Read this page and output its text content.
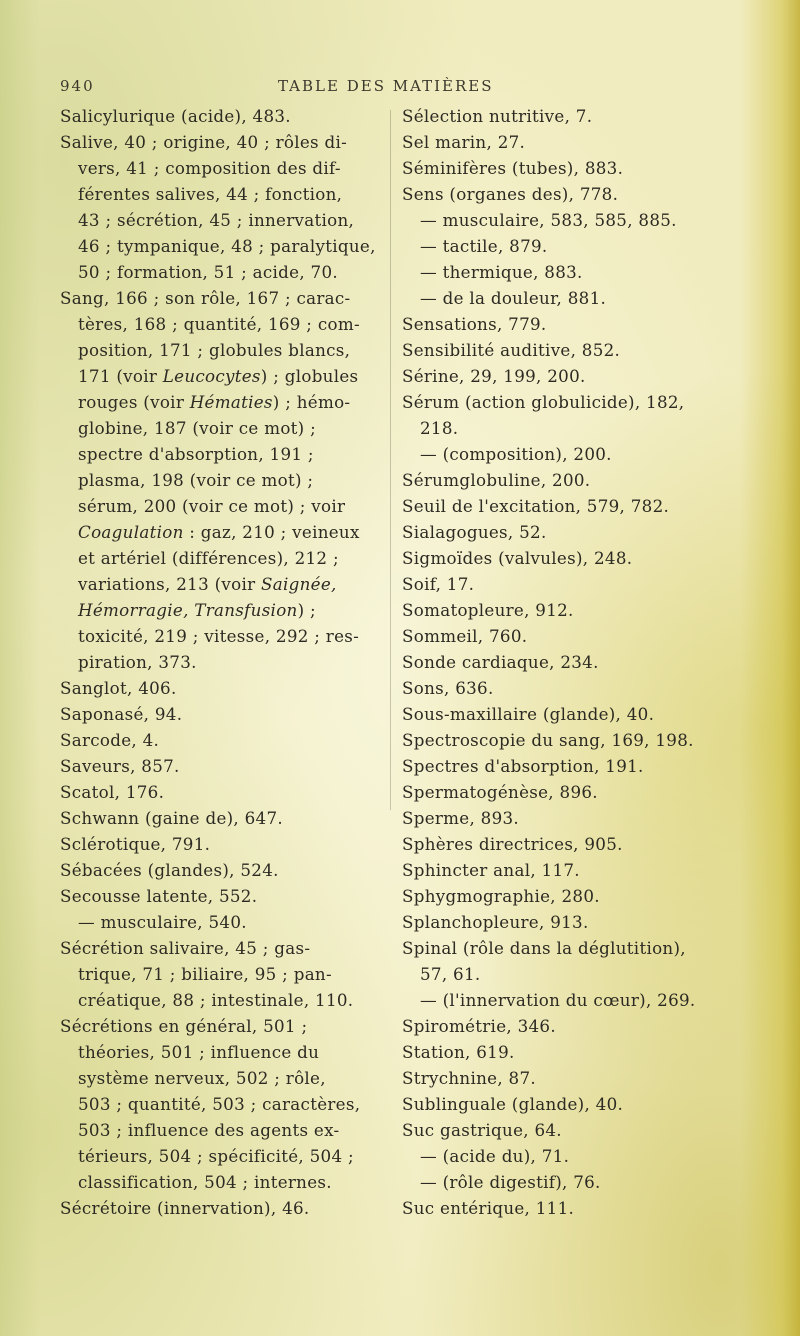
940	TABLE DES MATIÈRES
Salicylurique (acide), 483.
Salive, 40 ; origine, 40 ; rôles di-
vers, 41 ; composition des dif-
férentes salives, 44 ; fonction,
43 ; sécrétion, 45 ; innervation,
46 ; tympanique, 48 ; paralytique,
50 ; formation, 51 ; acide, 70.
Sang, 166 ; son rôle, 167 ; carac-
tères, 168 ; quantité, 169 ; com-
position, 171 ; globules blancs,
171 (voir Leucocytes) ; globules
rouges (voir Hématies) ; hémo-
globine, 187 (voir ce mot) ;
spectre d'absorption, 191 ;
plasma, 198 (voir ce mot) ;
sérum, 200 (voir ce mot) ; voir
Coagulation : gaz, 210 ; veineux
et artériel (différences), 212 ;
variations, 213 (voir Saignée,
Hémorragie, Transfusion) ;
toxicité, 219 ; vitesse, 292 ; res-
piration, 373.
Sanglot, 406.
Saponasé, 94.
Sarcode, 4.
Saveurs, 857.
Scatol, 176.
Schwann (gaine de), 647.
Sclérotique, 791.
Sébacées (glandes), 524.
Secousse latente, 552.
— musculaire, 540.
Sécrétion salivaire, 45 ; gas-
trique, 71 ; biliaire, 95 ; pan-
créatique, 88 ; intestinale, 110.
Sécrétions en général, 501 ;
théories, 501 ; influence du
système nerveux, 502 ; rôle,
503 ; quantité, 503 ; caractères,
503 ; influence des agents ex-
térieurs, 504 ; spécificité, 504 ;
classification, 504 ; internes.
Sécrétoire (innervation), 46.
Sélection nutritive, 7.
Sel marin, 27.
Séminifères (tubes), 883.
Sens (organes des), 778.
— musculaire, 583, 585, 885.
— tactile, 879.
— thermique, 883.
— de la douleur, 881.
Sensations, 779.
Sensibilité auditive, 852.
Sérine, 29, 199, 200.
Sérum (action globulicide), 182,
218.
— (composition), 200.
Sérumglobuline, 200.
Seuil de l'excitation, 579, 782.
Sialagogues, 52.
Sigmoïdes (valvules), 248.
Soif, 17.
Somatopleure, 912.
Sommeil, 760.
Sonde cardiaque, 234.
Sons, 636.
Sous-maxillaire (glande), 40.
Spectroscopie du sang, 169, 198.
Spectres d'absorption, 191.
Spermatogénèse, 896.
Sperme, 893.
Sphères directrices, 905.
Sphincter anal, 117.
Sphygmographie, 280.
Splanchopleure, 913.
Spinal (rôle dans la déglutition),
57, 61.
— (l'innervation du cœur), 269.
Spirométrie, 346.
Station, 619.
Strychnine, 87.
Sublinguale (glande), 40.
Suc gastrique, 64.
— (acide du), 71.
— (rôle digestif), 76.
Suc entérique, 111.
